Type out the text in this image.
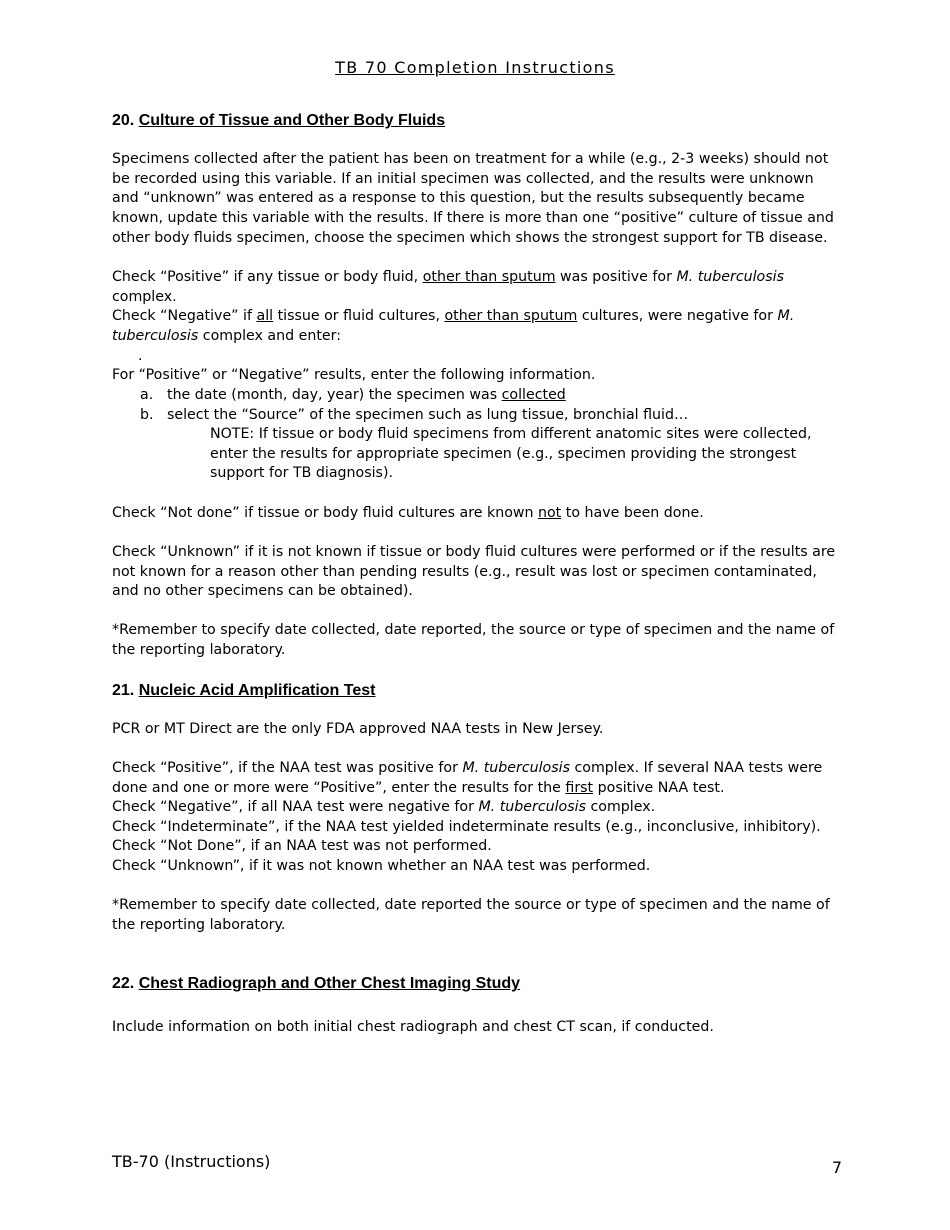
TB 70 Completion Instructions
20. Culture of Tissue and Other Body Fluids
Specimens collected after the patient has been on treatment for a while (e.g., 2-3 weeks) should not be recorded using this variable. If an initial specimen was collected, and the results were unknown and “unknown” was entered as a response to this question, but the results subsequently became known, update this variable with the results. If there is more than one “positive” culture of tissue and other body fluids specimen, choose the specimen which shows the strongest support for TB disease.
Check “Positive” if any tissue or body fluid, other than sputum was positive for M. tuberculosis complex.
Check “Negative” if all tissue or fluid cultures, other than sputum cultures, were negative for M. tuberculosis complex and enter:
.
For “Positive” or “Negative” results, enter the following information.
a. the date (month, day, year) the specimen was collected
b. select the “Source” of the specimen such as lung tissue, bronchial fluid…
NOTE: If tissue or body fluid specimens from different anatomic sites were collected, enter the results for appropriate specimen (e.g., specimen providing the strongest support for TB diagnosis).
Check “Not done” if tissue or body fluid cultures are known not to have been done.
Check “Unknown” if it is not known if tissue or body fluid cultures were performed or if the results are not known for a reason other than pending results (e.g., result was lost or specimen contaminated, and no other specimens can be obtained).
*Remember to specify date collected, date reported, the source or type of specimen and the name of the reporting laboratory.
21. Nucleic Acid Amplification Test
PCR or MT Direct are the only FDA approved NAA tests in New Jersey.
Check “Positive”, if the NAA test was positive for M. tuberculosis complex. If several NAA tests were done and one or more were “Positive”, enter the results for the first positive NAA test.
Check “Negative”, if all NAA test were negative for M. tuberculosis complex.
Check “Indeterminate”, if the NAA test yielded indeterminate results (e.g., inconclusive, inhibitory).
Check “Not Done”, if an NAA test was not performed.
Check “Unknown”, if it was not known whether an NAA test was performed.
*Remember to specify date collected, date reported the source or type of specimen and the name of the reporting laboratory.
22. Chest Radiograph and Other Chest Imaging Study
Include information on both initial chest radiograph and chest CT scan, if conducted.
TB-70 (Instructions)	7
